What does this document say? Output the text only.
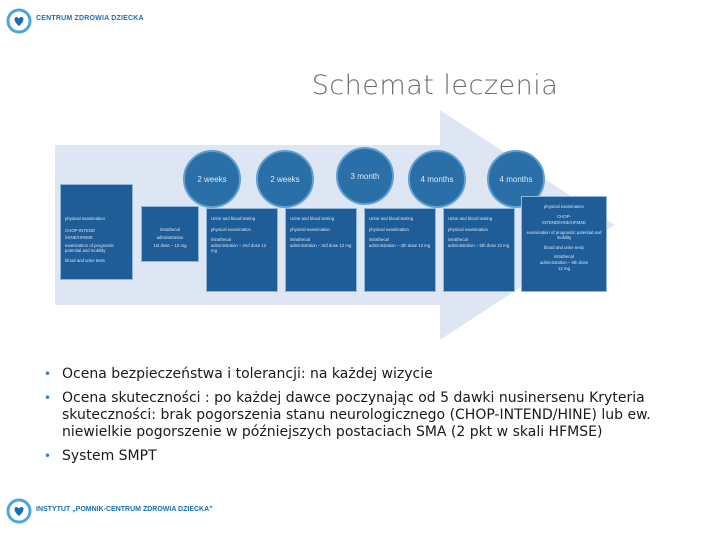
CENTRUM ZDROWIA DZIECKA
Schemat leczenia
2 weeks	2 weeks	3 month	4 months	4 months
physical examination
CHOP-INTEND
/HINE/HFMSE
examination of prognostic potential and mobility
blood and urine tests
intrathecal
administration
1st dose – 12 mg
Urine and blood testing
physical examination
intrathecal
administration – 2nd dose 12 mg
Urine and blood testing
physical examination
intrathecal
administration – 3rd dose 12 mg
Urine and blood testing
physical examination
intrathecal
administration – 4th dose 12 mg
Urine and blood testing
physical examination
intrathecal
administration – 5th dose 12 mg
physical examination
CHOP-
INTEND/HINE/HFMSE
examination of prognostic potential and mobility
blood and urine tests
intrathecal
administration – 6th dose
12 mg
• Ocena bezpieczeństwa i tolerancji: na każdej wizycie
• Ocena skuteczności : po każdej dawce poczynając od 5 dawki nusinersenu Kryteria skuteczności: brak pogorszenia stanu neurologicznego (CHOP-INTEND/HINE) lub ew. niewielkie pogorszenie w późniejszych postaciach SMA (2 pkt w skali HFMSE)
• System SMPT
INSTYTUT „POMNIK-CENTRUM ZDROWIA DZIECKA”
